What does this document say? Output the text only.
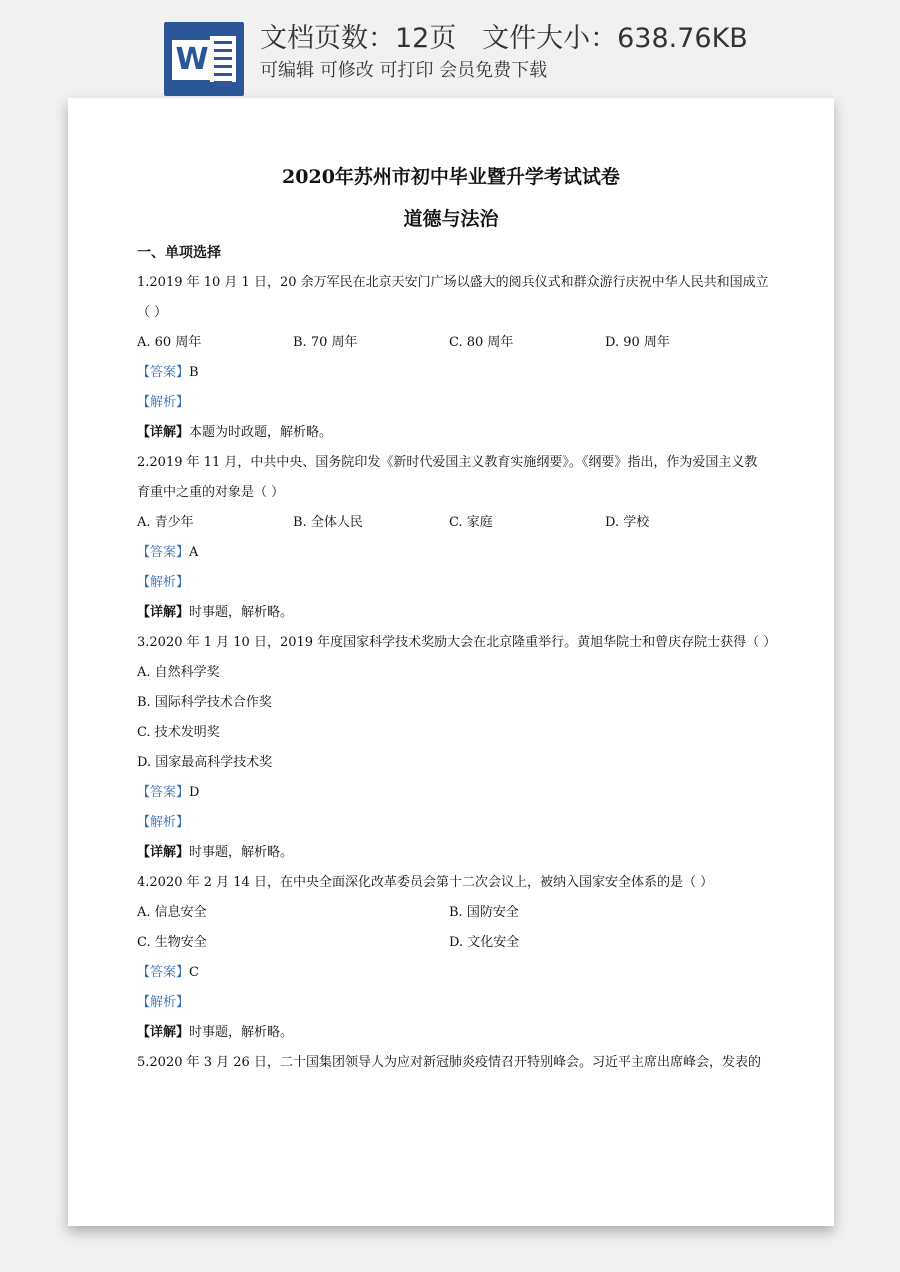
W
文档页数：12页   文件大小：638.76KB
可编辑 可修改 可打印 会员免费下载
2020年苏州市初中毕业暨升学考试试卷
道德与法治
一、单项选择
1.2019 年 10 月 1 日，20 余万军民在北京天安门广场以盛大的阅兵仪式和群众游行庆祝中华人民共和国成立
（ ）
A. 60 周年	B. 70 周年	C. 80 周年	D. 90 周年
【答案】B
【解析】
【详解】本题为时政题，解析略。
2.2019 年 11 月，中共中央、国务院印发《新时代爱国主义教育实施纲要》。《纲要》指出，作为爱国主义教
育重中之重的对象是（ ）
A. 青少年	B. 全体人民	C. 家庭	D. 学校
【答案】A
【解析】
【详解】时事题，解析略。
3.2020 年 1 月 10 日，2019 年度国家科学技术奖励大会在北京隆重举行。黄旭华院士和曾庆存院士获得（ ）
A. 自然科学奖
B. 国际科学技术合作奖
C. 技术发明奖
D. 国家最高科学技术奖
【答案】D
【解析】
【详解】时事题，解析略。
4.2020 年 2 月 14 日，在中央全面深化改革委员会第十二次会议上，被纳入国家安全体系的是（ ）
A. 信息安全	B. 国防安全
C. 生物安全	D. 文化安全
【答案】C
【解析】
【详解】时事题，解析略。
5.2020 年 3 月 26 日，二十国集团领导人为应对新冠肺炎疫情召开特别峰会。习近平主席出席峰会，发表的
